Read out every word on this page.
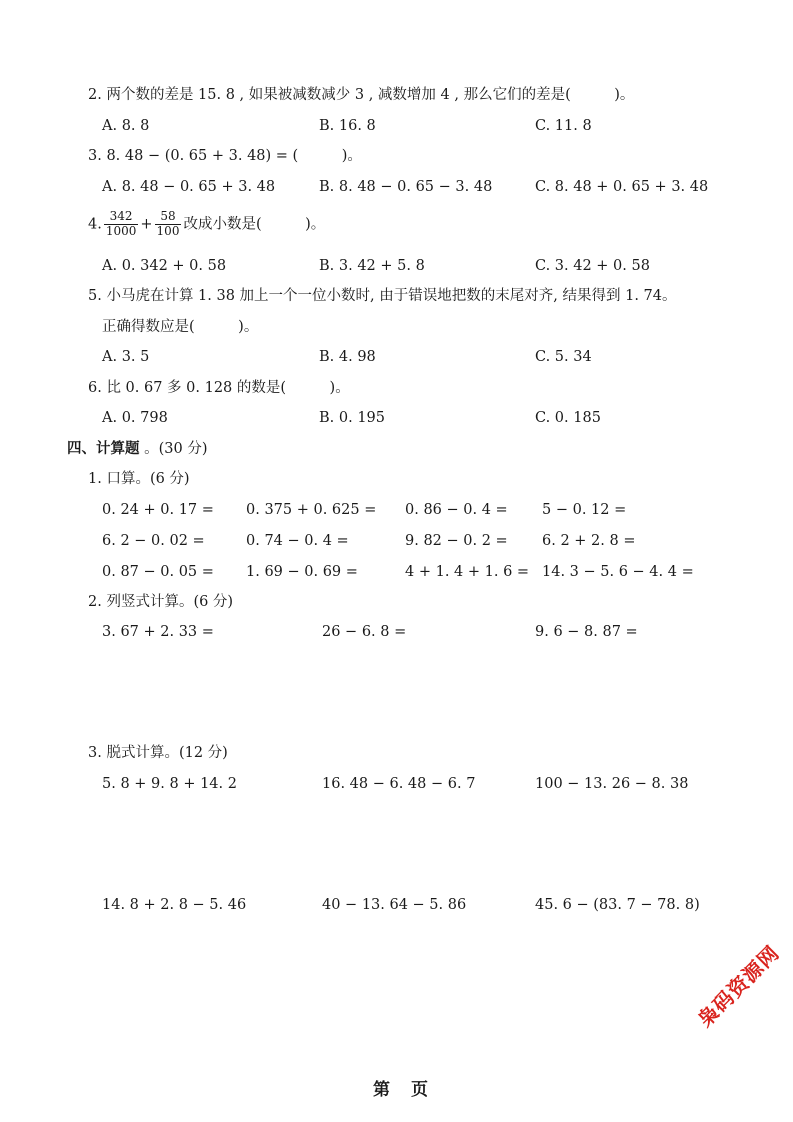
2. 两个数的差是 15. 8 , 如果被减数减少 3 , 减数增加 4 , 那么它们的差是(　　　)。
A. 8. 8	B. 16. 8	C. 11. 8
3. 8. 48 − (0. 65 + 3. 48) = (　　　)。
A. 8. 48 − 0. 65 + 3. 48	B. 8. 48 − 0. 65 − 3. 48	C. 8. 48 + 0. 65 + 3. 48
4. $\frac{342}{1000} + \frac{58}{100}$ 改成小数是(　　　)。
A. 0. 342 + 0. 58	B. 3. 42 + 5. 8	C. 3. 42 + 0. 58
5. 小马虎在计算 1. 38 加上一个一位小数时, 由于错误地把数的末尾对齐, 结果得到 1. 74。
正确得数应是(　　　)。
A. 3. 5	B. 4. 98	C. 5. 34
6. 比 0. 67 多 0. 128 的数是(　　　)。
A. 0. 798	B. 0. 195	C. 0. 185
四、计算题 。(30 分)
1. 口算。(6 分)
0. 24 + 0. 17 = 0. 375 + 0. 625 = 0. 86 − 0. 4 = 5 − 0. 12 =
6. 2 − 0. 02 =	0. 74 − 0. 4 =	9. 82 − 0. 2 = 6. 2 + 2. 8 =
0. 87 − 0. 05 = 1. 69 − 0. 69 =	4 + 1. 4 + 1. 6 = 14. 3 − 5. 6 − 4. 4 =
2. 列竖式计算。(6 分)
3. 67 + 2. 33 =	26 − 6. 8 =	9. 6 − 8. 87 =
3. 脱式计算。(12 分)
5. 8 + 9. 8 + 14. 2	16. 48 − 6. 48 − 6. 7	100 − 13. 26 − 8. 38
14. 8 + 2. 8 − 5. 46	40 − 13. 64 − 5. 86	45. 6 − (83. 7 − 78. 8)
枭码资源网
第　页
